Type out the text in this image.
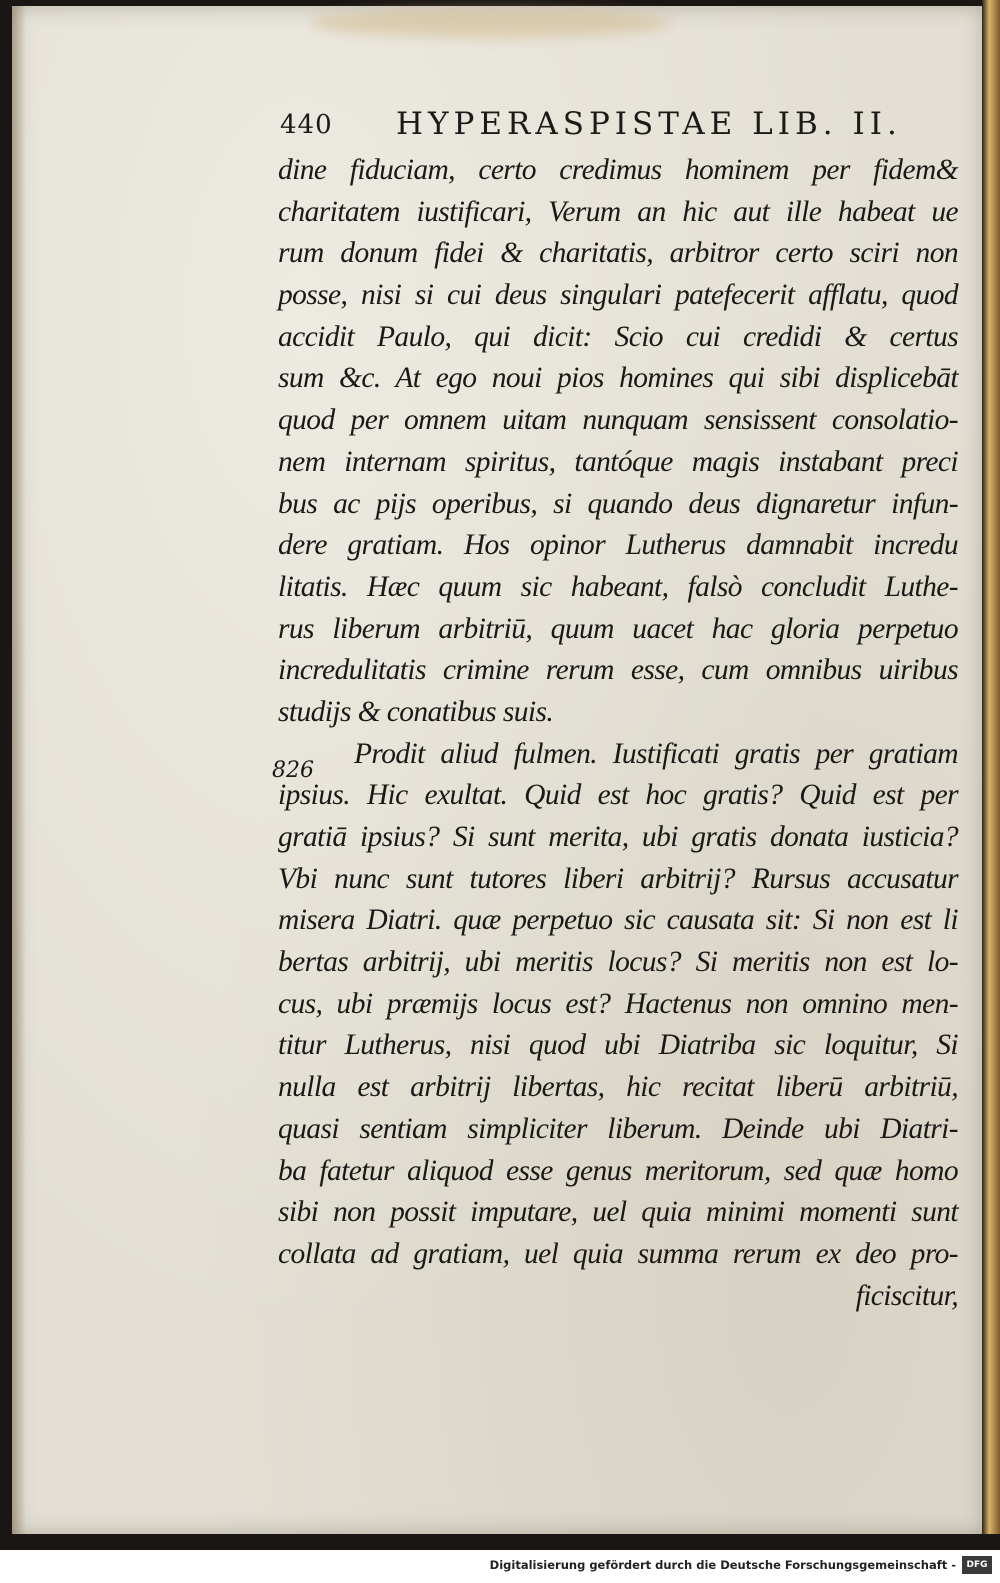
440 HYPERASPISTAE LIB. II.
826
dine fiduciam, certo credimus hominem per fidem&
charitatem iustificari, Verum an hic aut ille habeat ue
rum donum fidei & charitatis, arbitror certo sciri non
posse, nisi si cui deus singulari patefecerit afflatu, quod
accidit Paulo, qui dicit: Scio cui credidi & certus
sum &c. At ego noui pios homines qui sibi displicebāt
quod per omnem uitam nunquam sensissent consolatio-
nem internam spiritus, tantóque magis instabant preci
bus ac pijs operibus, si quando deus dignaretur infun-
dere gratiam. Hos opinor Lutherus damnabit incredu
litatis. Hæc quum sic habeant, falsò concludit Luthe-
rus liberum arbitriū, quum uacet hac gloria perpetuo
incredulitatis crimine rerum esse, cum omnibus uiribus
studijs & conatibus suis.
Prodit aliud fulmen. Iustificati gratis per gratiam
ipsius. Hic exultat. Quid est hoc gratis? Quid est per
gratiā ipsius? Si sunt merita, ubi gratis donata iusticia?
Vbi nunc sunt tutores liberi arbitrij? Rursus accusatur
misera Diatri. quæ perpetuo sic causata sit: Si non est li
bertas arbitrij, ubi meritis locus? Si meritis non est lo-
cus, ubi præmijs locus est? Hactenus non omnino men-
titur Lutherus, nisi quod ubi Diatriba sic loquitur, Si
nulla est arbitrij libertas, hic recitat liberū arbitriū,
quasi sentiam simpliciter liberum. Deinde ubi Diatri-
ba fatetur aliquod esse genus meritorum, sed quæ homo
sibi non possit imputare, uel quia minimi momenti sunt
collata ad gratiam, uel quia summa rerum ex deo pro-
ficiscitur,
Digitalisierung gefördert durch die Deutsche Forschungsgemeinschaft -	DFG
